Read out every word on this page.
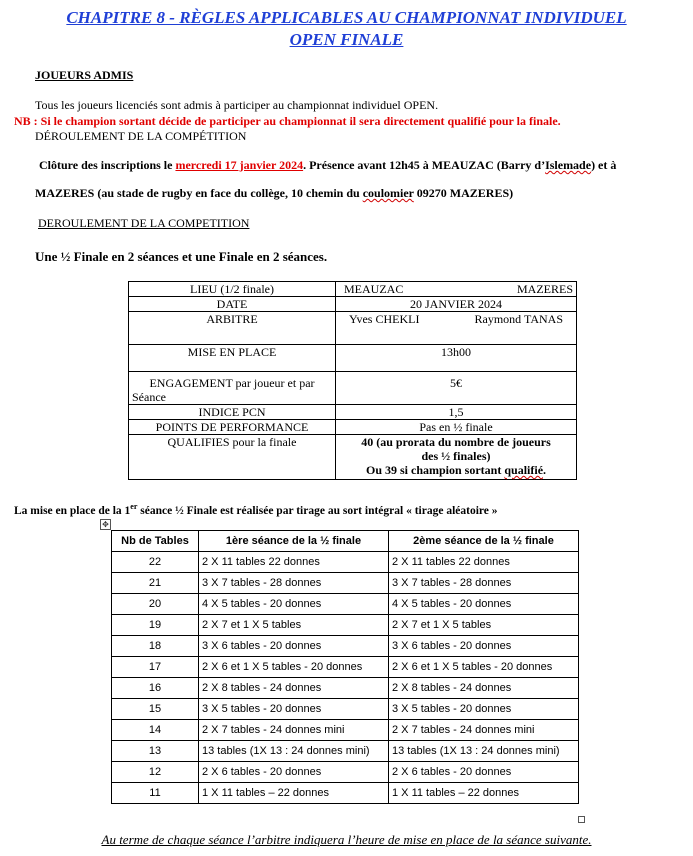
CHAPITRE 8 - RÈGLES APPLICABLES AU CHAMPIONNAT INDIVIDUEL
OPEN FINALE
JOUEURS ADMIS
Tous les joueurs licenciés sont admis à participer au championnat individuel OPEN.
NB : Si le champion sortant décide de participer au championnat il sera directement qualifié pour la finale.
DÉROULEMENT DE LA COMPÉTITION
Clôture des inscriptions le mercredi 17 janvier 2024. Présence avant 12h45 à MEAUZAC (Barry d’Islemade) et à
MAZERES (au stade de rugby en face du collège, 10 chemin du coulomier 09270 MAZERES)
DEROULEMENT DE LA COMPETITION
Une ½ Finale en 2 séances et une Finale en 2 séances.
LIEU (1/2 finale)	MEAUZAC MAZERES

DATE	20 JANVIER 2024
ARBITRE	Yves CHEKLI Raymond TANAS

MISE EN PLACE	13h00

ENGAGEMENT par joueur et par
Séance	5€
INDICE PCN	1,5
POINTS DE PERFORMANCE	Pas en ½ finale
QUALIFIES pour la finale	40 (au prorata du nombre de joueurs
des ½ finales)
Ou 39 si champion sortant qualifié.
La mise en place de la 1er séance ½ Finale est réalisée par tirage au sort intégral « tirage aléatoire »
✥
Nb de Tables	1ère séance de la ½ finale	2ème séance de la ½ finale
22	2 X 11 tables 22 donnes	2 X 11 tables 22 donnes
21	3 X 7 tables - 28 donnes	3 X 7 tables - 28 donnes
20	4 X 5 tables - 20 donnes	4 X 5 tables - 20 donnes
19	2 X 7 et 1 X 5 tables	2 X 7 et 1 X 5 tables
18	3 X 6 tables - 20 donnes	3 X 6 tables - 20 donnes
17	2 X 6 et 1 X 5 tables - 20 donnes	2 X 6 et 1 X 5 tables - 20 donnes
16	2 X 8 tables - 24 donnes	2 X 8 tables - 24 donnes
15	3 X 5 tables - 20 donnes	3 X 5 tables - 20 donnes
14	2 X 7 tables - 24 donnes mini	2 X 7 tables - 24 donnes mini
13	13 tables (1X 13 : 24 donnes mini)	13 tables (1X 13 : 24 donnes mini)
12	2 X 6 tables - 20 donnes	2 X 6 tables - 20 donnes
11	1 X 11 tables – 22 donnes	1 X 11 tables – 22 donnes
Au terme de chaque séance l’arbitre indiquera l’heure de mise en place de la séance suivante.
